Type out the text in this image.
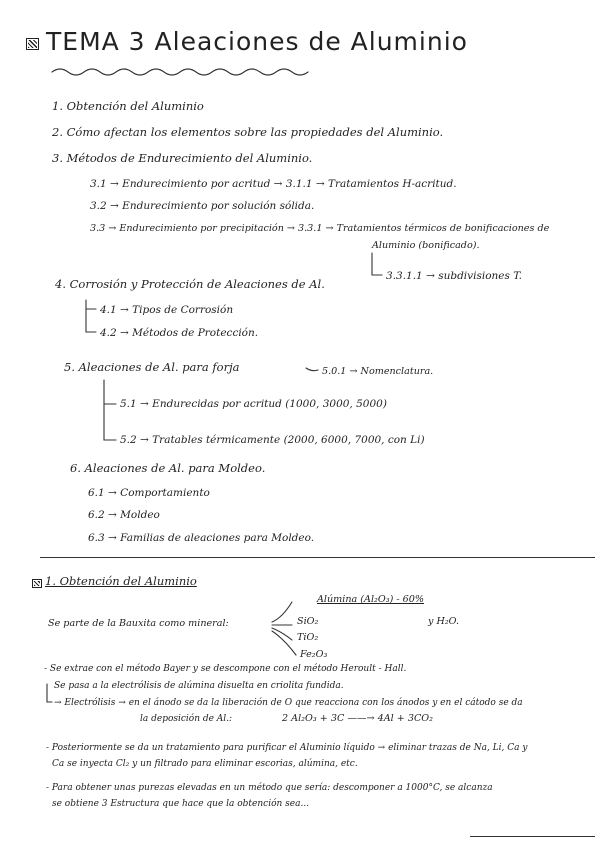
TEMA 3 Aleaciones de Aluminio
1. Obtención del Aluminio
2. Cómo afectan los elementos sobre las propiedades del Aluminio.
3. Métodos de Endurecimiento del Aluminio.
3.1 → Endurecimiento por acritud → 3.1.1 → Tratamientos H-acritud.
3.2 → Endurecimiento por solución sólida.
3.3 → Endurecimiento por precipitación → 3.3.1 → Tratamientos térmicos de bonificaciones de
Aluminio (bonificado).
3.3.1.1 → subdivisiones T.
4. Corrosión y Protección de Aleaciones de Al.
4.1 → Tipos de Corrosión
4.2 → Métodos de Protección.
5. Aleaciones de Al. para forja	5.0.1 → Nomenclatura.
5.1 → Endurecidas por acritud (1000, 3000, 5000)
5.2 → Tratables térmicamente (2000, 6000, 7000, con Li)
6. Aleaciones de Al. para Moldeo.
6.1 → Comportamiento
6.2 → Moldeo
6.3 → Familias de aleaciones para Moldeo.
1. Obtención del Aluminio
Alúmina (Al₂O₃) - 60%
Se parte de la Bauxita como mineral:	SiO₂
TiO₂
Fe₂O₃
y H₂O.
- Se extrae con el método Bayer y se descompone con el método Heroult - Hall.
Se pasa a la electrólisis de alúmina disuelta en criolita fundida.
→ Electrólisis → en el ánodo se da la liberación de O que reacciona con los ánodos y en el cátodo se da
la deposición de Al.:	2 Al₂O₃ + 3C ——→ 4Al + 3CO₂
- Posteriormente se da un tratamiento para purificar el Aluminio líquido → eliminar trazas de Na, Li, Ca y
Ca se inyecta Cl₂ y un filtrado para eliminar escorias, alúmina, etc.
- Para obtener unas purezas elevadas en un método que sería: descomponer a 1000°C, se alcanza
se obtiene 3 Estructura que hace que la obtención sea...
